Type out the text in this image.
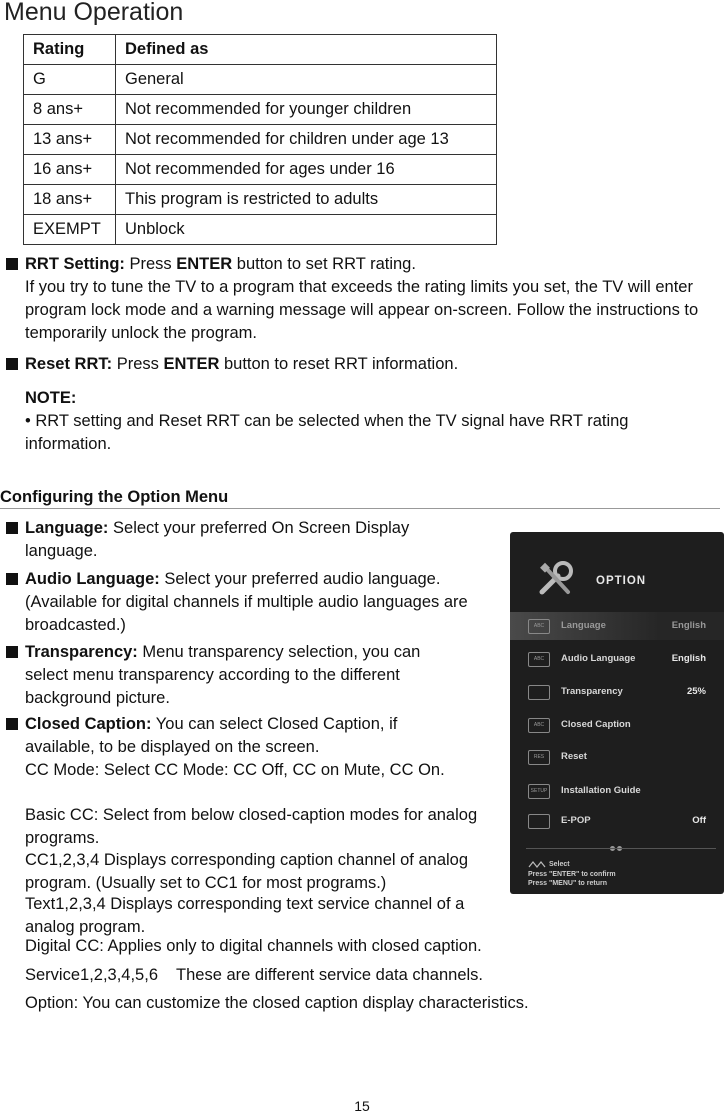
Menu Operation
Rating	Defined as
G	General
8 ans+	Not recommended for younger children
13 ans+	Not recommended for children under age 13
16 ans+	Not recommended for ages under 16
18 ans+	This program is restricted to adults
EXEMPT	Unblock
RRT Setting: Press ENTER button to set RRT rating.
If you try to tune the TV to a program that exceeds the rating limits you set, the TV will enter program lock mode and a warning message will appear on-screen. Follow the instructions to temporarily unlock the program.
Reset RRT: Press ENTER button to reset RRT information.
NOTE:
• RRT setting and Reset RRT can be selected when the TV signal have RRT rating information.
Configuring the Option Menu
Language: Select your preferred On Screen Display language.
Audio Language: Select your preferred audio language. (Available for digital channels if multiple audio languages are broadcasted.)
Transparency: Menu transparency selection, you can select menu transparency according to the different background picture.
Closed Caption: You can select Closed Caption, if available, to be displayed on the screen.
CC Mode: Select CC Mode: CC Off, CC on Mute, CC On.
Basic CC: Select from below closed-caption modes for analog programs.
CC1,2,3,4 Displays corresponding caption channel of analog program. (Usually set to CC1 for most programs.)
Text1,2,3,4 Displays corresponding text service channel of a analog program.
Digital CC: Applies only to digital channels with closed caption.
Service1,2,3,4,5,6    These are different service data channels.
Option: You can customize the closed caption display characteristics.
OPTION
ABC	Language	English
ABC	Audio Language	English
Transparency	25%
ABC	Closed Caption
RES	Reset
SETUP Installation Guide
E-POP	Off
Select
Press "ENTER" to confirm
Press "MENU" to return
15
